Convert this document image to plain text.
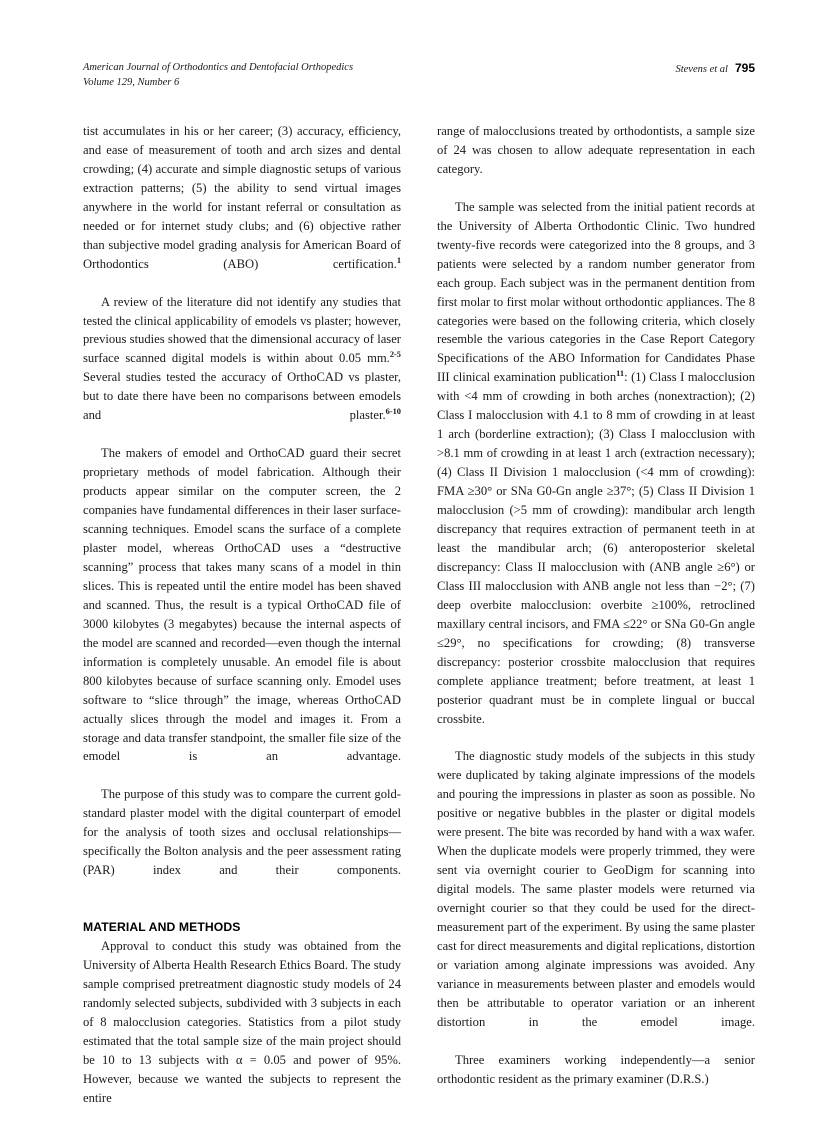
American Journal of Orthodontics and Dentofacial Orthopedics
Volume 129, Number 6
Stevens et al 795

tist accumulates in his or her career; (3) accuracy, efficiency, and ease of measurement of tooth and arch sizes and dental crowding; (4) accurate and simple diagnostic setups of various extraction patterns; (5) the ability to send virtual images anywhere in the world for instant referral or consultation as needed or for internet study clubs; and (6) objective rather than subjective model grading analysis for American Board of Orthodontics (ABO) certification.$^1$

A review of the literature did not identify any studies that tested the clinical applicability of emodels vs plaster; however, previous studies showed that the dimensional accuracy of laser surface scanned digital models is within about 0.05 mm.$^{2-5}$ Several studies tested the accuracy of OrthoCAD vs plaster, but to date there have been no comparisons between emodels and plaster.$^{6-10}$

The makers of emodel and OrthoCAD guard their secret proprietary methods of model fabrication. Although their products appear similar on the computer screen, the 2 companies have fundamental differences in their laser surface-scanning techniques. Emodel scans the surface of a complete plaster model, whereas OrthoCAD uses a “destructive scanning” process that takes many scans of a model in thin slices. This is repeated until the entire model has been shaved and scanned. Thus, the result is a typical OrthoCAD file of 3000 kilobytes (3 megabytes) because the internal aspects of the model are scanned and recorded—even though the internal information is completely unusable. An emodel file is about 800 kilobytes because of surface scanning only. Emodel uses software to “slice through” the image, whereas OrthoCAD actually slices through the model and images it. From a storage and data transfer standpoint, the smaller file size of the emodel is an advantage.

The purpose of this study was to compare the current gold-standard plaster model with the digital counterpart of emodel for the analysis of tooth sizes and occlusal relationships—specifically the Bolton analysis and the peer assessment rating (PAR) index and their components.

MATERIAL AND METHODS

Approval to conduct this study was obtained from the University of Alberta Health Research Ethics Board. The study sample comprised pretreatment diagnostic study models of 24 randomly selected subjects, subdivided with 3 subjects in each of 8 malocclusion categories. Statistics from a pilot study estimated that the total sample size of the main project should be 10 to 13 subjects with α = 0.05 and power of 95%. However, because we wanted the subjects to represent the entire

range of malocclusions treated by orthodontists, a sample size of 24 was chosen to allow adequate representation in each category.

The sample was selected from the initial patient records at the University of Alberta Orthodontic Clinic. Two hundred twenty-five records were categorized into the 8 groups, and 3 patients were selected by a random number generator from each group. Each subject was in the permanent dentition from first molar to first molar without orthodontic appliances. The 8 categories were based on the following criteria, which closely resemble the various categories in the Case Report Category Specifications of the ABO Information for Candidates Phase III clinical examination publication$^{11}$: (1) Class I malocclusion with <4 mm of crowding in both arches (nonextraction); (2) Class I malocclusion with 4.1 to 8 mm of crowding in at least 1 arch (borderline extraction); (3) Class I malocclusion with >8.1 mm of crowding in at least 1 arch (extraction necessary); (4) Class II Division 1 malocclusion (<4 mm of crowding): FMA ≥30° or SNa G0-Gn angle ≥37°; (5) Class II Division 1 malocclusion (>5 mm of crowding): mandibular arch length discrepancy that requires extraction of permanent teeth in at least the mandibular arch; (6) anteroposterior skeletal discrepancy: Class II malocclusion with (ANB angle ≥6°) or Class III malocclusion with ANB angle not less than −2°; (7) deep overbite malocclusion: overbite ≥100%, retroclined maxillary central incisors, and FMA ≤22° or SNa G0-Gn angle ≤29°, no specifications for crowding; (8) transverse discrepancy: posterior crossbite malocclusion that requires complete appliance treatment; before treatment, at least 1 posterior quadrant must be in complete lingual or buccal crossbite.

The diagnostic study models of the subjects in this study were duplicated by taking alginate impressions of the models and pouring the impressions in plaster as soon as possible. No positive or negative bubbles in the plaster or digital models were present. The bite was recorded by hand with a wax wafer. When the duplicate models were properly trimmed, they were sent via overnight courier to GeoDigm for scanning into digital models. The same plaster models were returned via overnight courier so that they could be used for the direct-measurement part of the experiment. By using the same plaster cast for direct measurements and digital replications, distortion or variation among alginate impressions was avoided. Any variance in measurements between plaster and emodels would then be attributable to operator variation or an inherent distortion in the emodel image.

Three examiners working independently—a senior orthodontic resident as the primary examiner (D.R.S.)
